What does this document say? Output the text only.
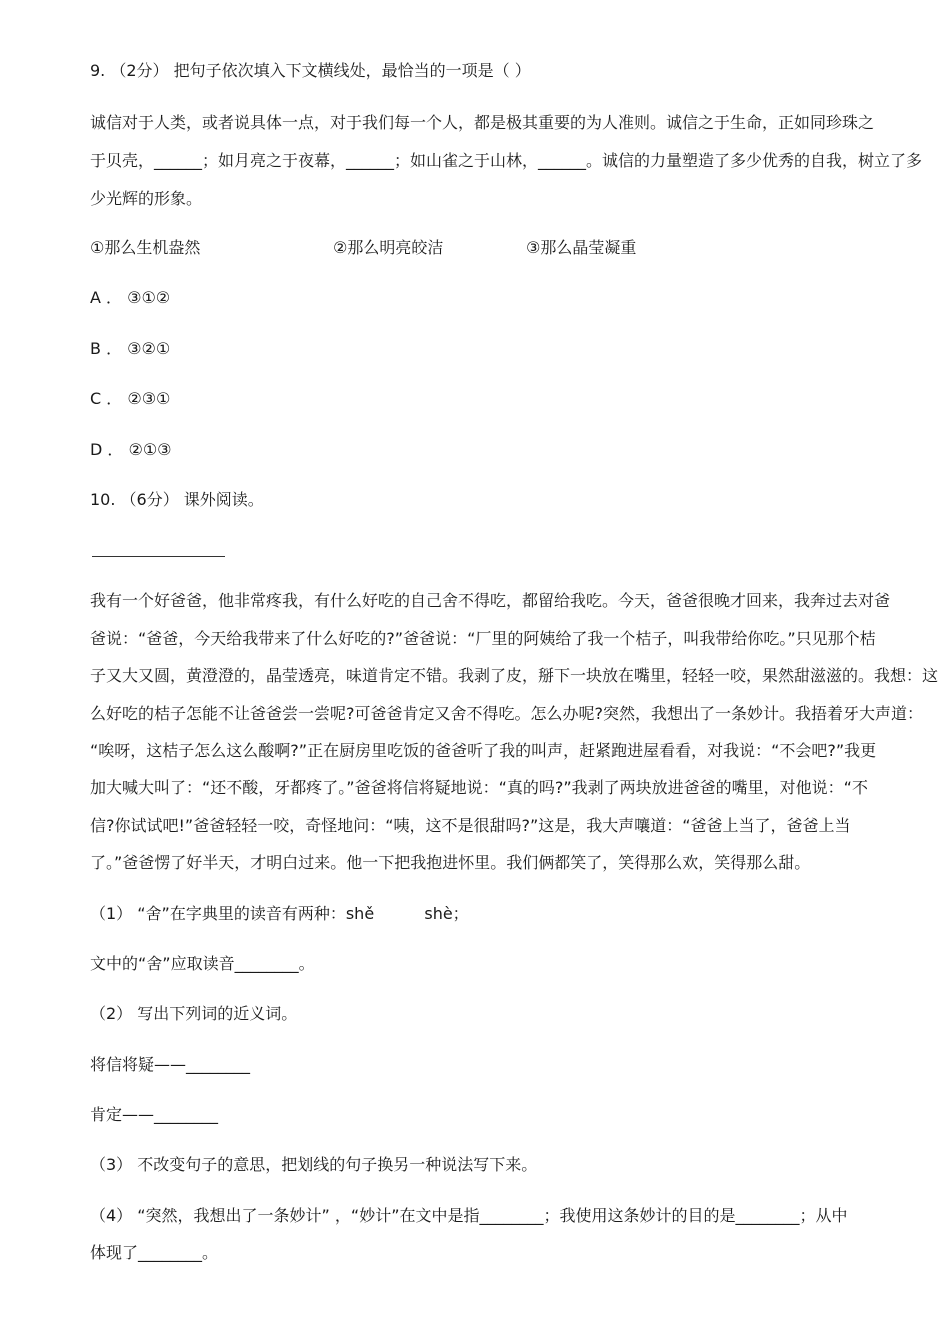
9. （2分） 把句子依次填入下文横线处，最恰当的一项是（ ）
诚信对于人类，或者说具体一点，对于我们每一个人，都是极其重要的为人准则。诚信之于生命，正如同珍珠之
于贝壳，______；如月亮之于夜幕，______；如山雀之于山林，______。诚信的力量塑造了多少优秀的自我，树立了多
少光辉的形象。
①那么生机盎然	②那么明亮皎洁	③那么晶莹凝重
A ． ③①②
B ． ③②①
C ． ②③①
D ． ②①③
10. （6分） 课外阅读。
我有一个好爸爸，他非常疼我，有什么好吃的自己舍不得吃，都留给我吃。今天，爸爸很晚才回来，我奔过去对爸
爸说：“爸爸，今天给我带来了什么好吃的?”爸爸说：“厂里的阿姨给了我一个桔子，叫我带给你吃。”只见那个桔
子又大又圆，黄澄澄的，晶莹透亮，味道肯定不错。我剥了皮，掰下一块放在嘴里，轻轻一咬，果然甜滋滋的。我想：这
么好吃的桔子怎能不让爸爸尝一尝呢?可爸爸肯定又舍不得吃。怎么办呢?突然，我想出了一条妙计。我捂着牙大声道：
“唉呀，这桔子怎么这么酸啊?”正在厨房里吃饭的爸爸听了我的叫声，赶紧跑进屋看看，对我说：“不会吧?”我更
加大喊大叫了：“还不酸，牙都疼了。”爸爸将信将疑地说：“真的吗?”我剥了两块放进爸爸的嘴里，对他说：“不
信?你试试吧!”爸爸轻轻一咬，奇怪地问：“咦，这不是很甜吗?”这是，我大声嚷道：“爸爸上当了，爸爸上当
了。”爸爸愣了好半天，才明白过来。他一下把我抱进怀里。我们俩都笑了，笑得那么欢，笑得那么甜。
（1） “舍”在字典里的读音有两种：shě	shè；
文中的“舍”应取读音________。
（2） 写出下列词的近义词。
将信将疑——________
肯定——________
（3） 不改变句子的意思，把划线的句子换另一种说法写下来。
（4） “突然，我想出了一条妙计” ，“妙计”在文中是指________；我使用这条妙计的目的是________；从中
体现了________。
